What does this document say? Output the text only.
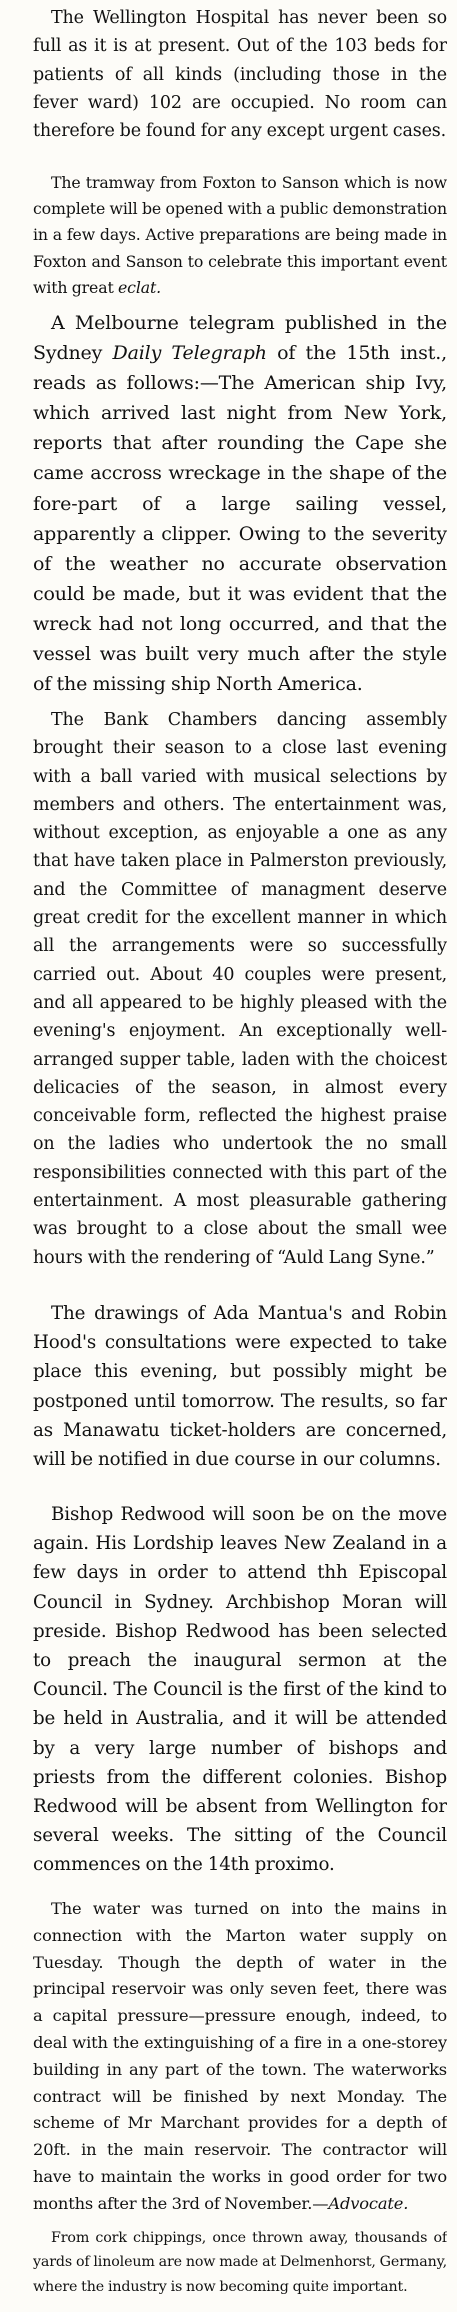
The Wellington Hospital has never been so full as it is at present. Out of the 103 beds for patients of all kinds (including those in the fever ward) 102 are occupied. No room can therefore be found for any except urgent cases.

The tramway from Foxton to Sanson which is now complete will be opened with a public demonstration in a few days. Active preparations are being made in Foxton and Sanson to celebrate this important event with great eclat.

A Melbourne telegram published in the Sydney Daily Telegraph of the 15th inst., reads as follows:—The American ship Ivy, which arrived last night from New York, reports that after rounding the Cape she came accross wreckage in the shape of the fore-part of a large sailing vessel, apparently a clipper. Owing to the severity of the weather no accurate observation could be made, but it was evident that the wreck had not long occurred, and that the vessel was built very much after the style of the missing ship North America.

The Bank Chambers dancing assembly brought their season to a close last evening with a ball varied with musical selections by members and others. The entertainment was, without exception, as enjoyable a one as any that have taken place in Palmerston previously, and the Committee of managment deserve great credit for the excellent manner in which all the arrangements were so successfully carried out. About 40 couples were present, and all appeared to be highly pleased with the evening's enjoyment. An exceptionally well-arranged supper table, laden with the choicest delicacies of the season, in almost every conceivable form, reflected the highest praise on the ladies who undertook the no small responsibilities connected with this part of the entertainment. A most pleasurable gathering was brought to a close about the small wee hours with the rendering of “Auld Lang Syne.”

The drawings of Ada Mantua's and Robin Hood's consultations were expected to take place this evening, but possibly might be postponed until tomorrow. The results, so far as Manawatu ticket-holders are concerned, will be notified in due course in our columns.

Bishop Redwood will soon be on the move again. His Lordship leaves New Zealand in a few days in order to attend thh Episcopal Council in Sydney. Archbishop Moran will preside. Bishop Redwood has been selected to preach the inaugural sermon at the Council. The Council is the first of the kind to be held in Australia, and it will be attended by a very large number of bishops and priests from the different colonies. Bishop Redwood will be absent from Wellington for several weeks. The sitting of the Council commences on the 14th proximo.

The water was turned on into the mains in connection with the Marton water supply on Tuesday. Though the depth of water in the principal reservoir was only seven feet, there was a capital pressure—pressure enough, indeed, to deal with the extinguishing of a fire in a one-storey building in any part of the town. The waterworks contract will be finished by next Monday. The scheme of Mr Marchant provides for a depth of 20ft. in the main reservoir. The contractor will have to maintain the works in good order for two months after the 3rd of November.—Advocate.

From cork chippings, once thrown away, thousands of yards of linoleum are now made at Delmenhorst, Germany, where the industry is now becoming quite important.
